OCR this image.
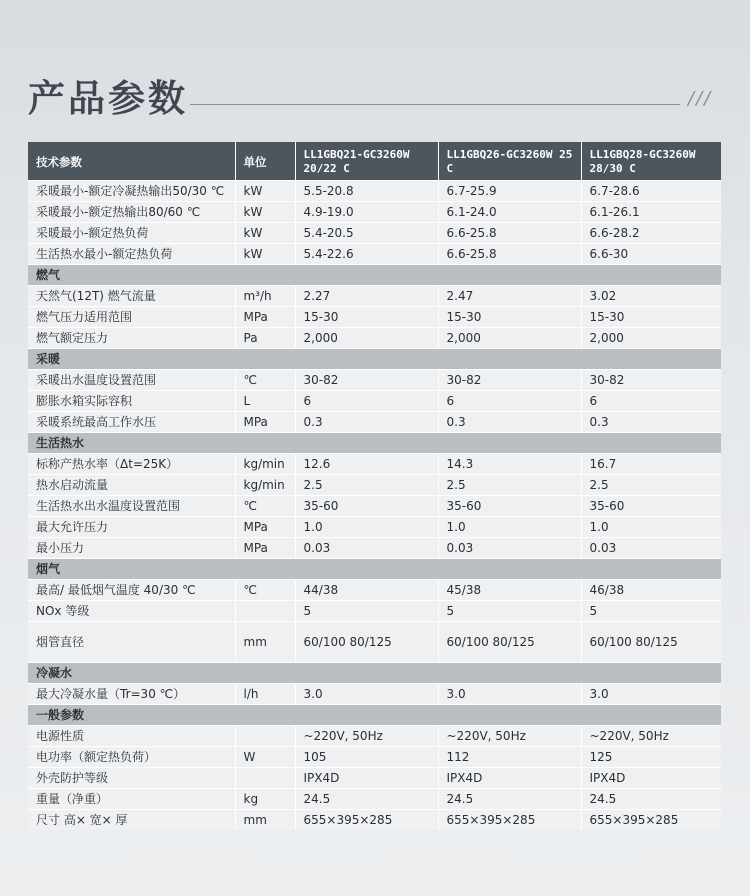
产品参数	///
技术参数	单位	LL1GBQ21-GC3260W 20/22 C	LL1GBQ26-GC3260W 25 C	LL1GBQ28-GC3260W 28/30 C
采暖最小-额定冷凝热输出50/30 ℃	kW	5.5-20.8	6.7-25.9	6.7-28.6
采暖最小-额定热输出80/60 ℃	kW	4.9-19.0	6.1-24.0	6.1-26.1
采暖最小-额定热负荷	kW	5.4-20.5	6.6-25.8	6.6-28.2
生活热水最小-额定热负荷	kW	5.4-22.6	6.6-25.8	6.6-30
燃气				
天然气(12T) 燃气流量	m³/h	2.27	2.47	3.02
燃气压力适用范围	MPa	15-30	15-30	15-30
燃气额定压力	Pa	2,000	2,000	2,000
采暖				
采暖出水温度设置范围	℃	30-82	30-82	30-82
膨胀水箱实际容积	L	6	6	6
采暖系统最高工作水压	MPa	0.3	0.3	0.3
生活热水				
标称产热水率（Δt=25K）	kg/min	12.6	14.3	16.7
热水启动流量	kg/min	2.5	2.5	2.5
生活热水出水温度设置范围	℃	35-60	35-60	35-60
最大允许压力	MPa	1.0	1.0	1.0
最小压力	MPa	0.03	0.03	0.03
烟气				
最高/ 最低烟气温度 40/30 ℃	℃	44/38	45/38	46/38
NOx 等级		5	5	5
烟管直径	mm	60/100 80/125	60/100 80/125	60/100 80/125
冷凝水				
最大冷凝水量（Tr=30 ℃）	l/h	3.0	3.0	3.0
一般参数				
电源性质		~220V, 50Hz	~220V, 50Hz	~220V, 50Hz
电功率（额定热负荷）	W	105	112	125
外壳防护等级		IPX4D	IPX4D	IPX4D
重量（净重）	kg	24.5	24.5	24.5
尺寸 高× 宽× 厚	mm	655×395×285	655×395×285	655×395×285
